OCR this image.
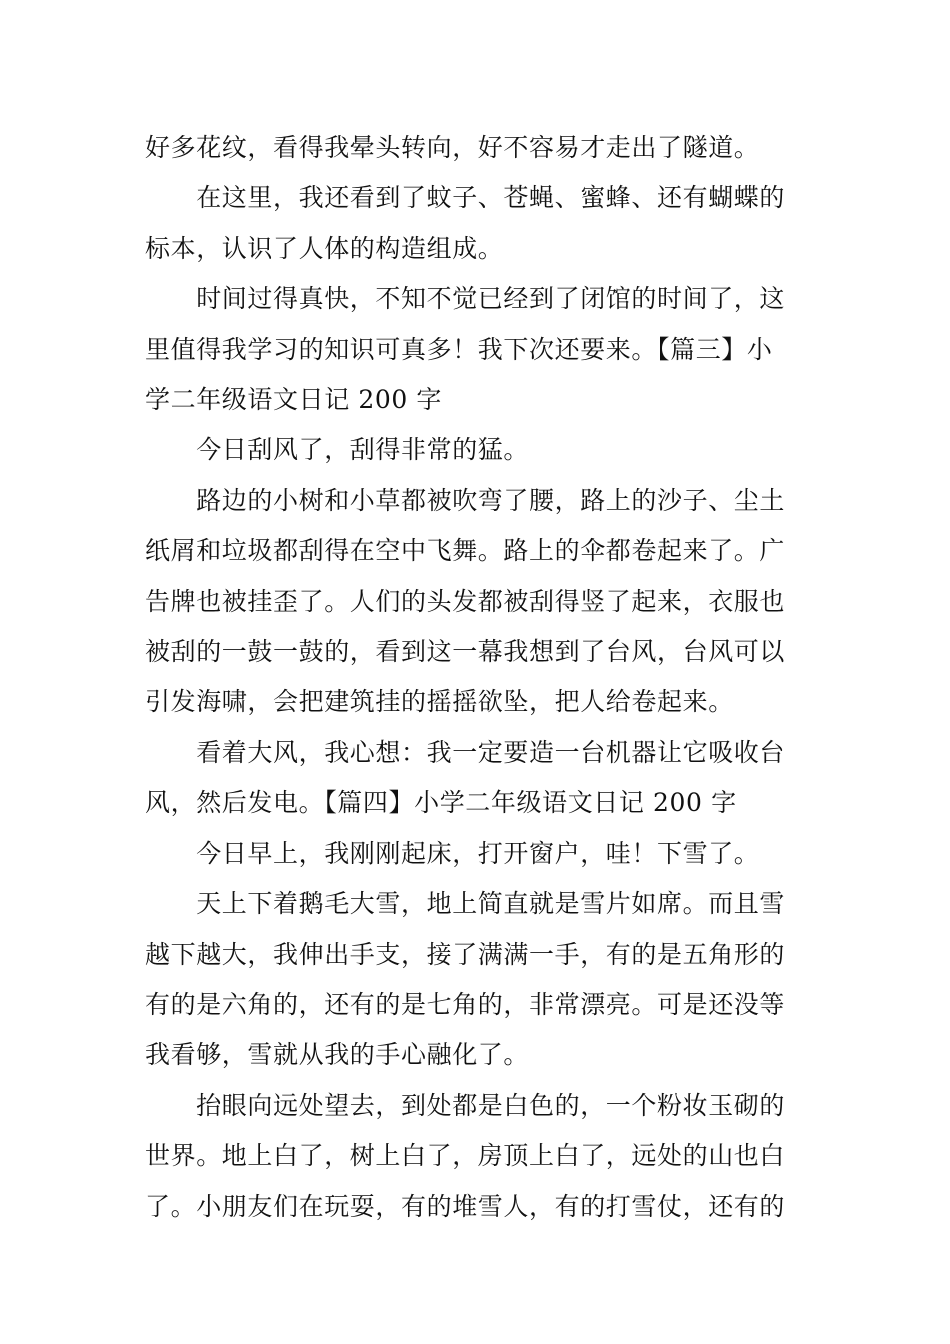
好多花纹，看得我晕头转向，好不容易才走出了隧道。

　　在这里，我还看到了蚊子、苍蝇、蜜蜂、还有蝴蝶的

标本，认识了人体的构造组成。

　　时间过得真快，不知不觉已经到了闭馆的时间了，这

里值得我学习的知识可真多！我下次还要来。【篇三】小

学二年级语文日记 200 字

　　今日刮风了，刮得非常的猛。

　　路边的小树和小草都被吹弯了腰，路上的沙子、尘土

纸屑和垃圾都刮得在空中飞舞。路上的伞都卷起来了。广

告牌也被挂歪了。人们的头发都被刮得竖了起来，衣服也

被刮的一鼓一鼓的，看到这一幕我想到了台风，台风可以

引发海啸，会把建筑挂的摇摇欲坠，把人给卷起来。

　　看着大风，我心想：我一定要造一台机器让它吸收台

风，然后发电。【篇四】小学二年级语文日记 200 字

　　今日早上，我刚刚起床，打开窗户，哇！下雪了。

　　天上下着鹅毛大雪，地上简直就是雪片如席。而且雪

越下越大，我伸出手支，接了满满一手，有的是五角形的

有的是六角的，还有的是七角的，非常漂亮。可是还没等

我看够，雪就从我的手心融化了。

　　抬眼向远处望去，到处都是白色的，一个粉妆玉砌的

世界。地上白了，树上白了，房顶上白了，远处的山也白

了。小朋友们在玩耍，有的堆雪人，有的打雪仗，还有的
